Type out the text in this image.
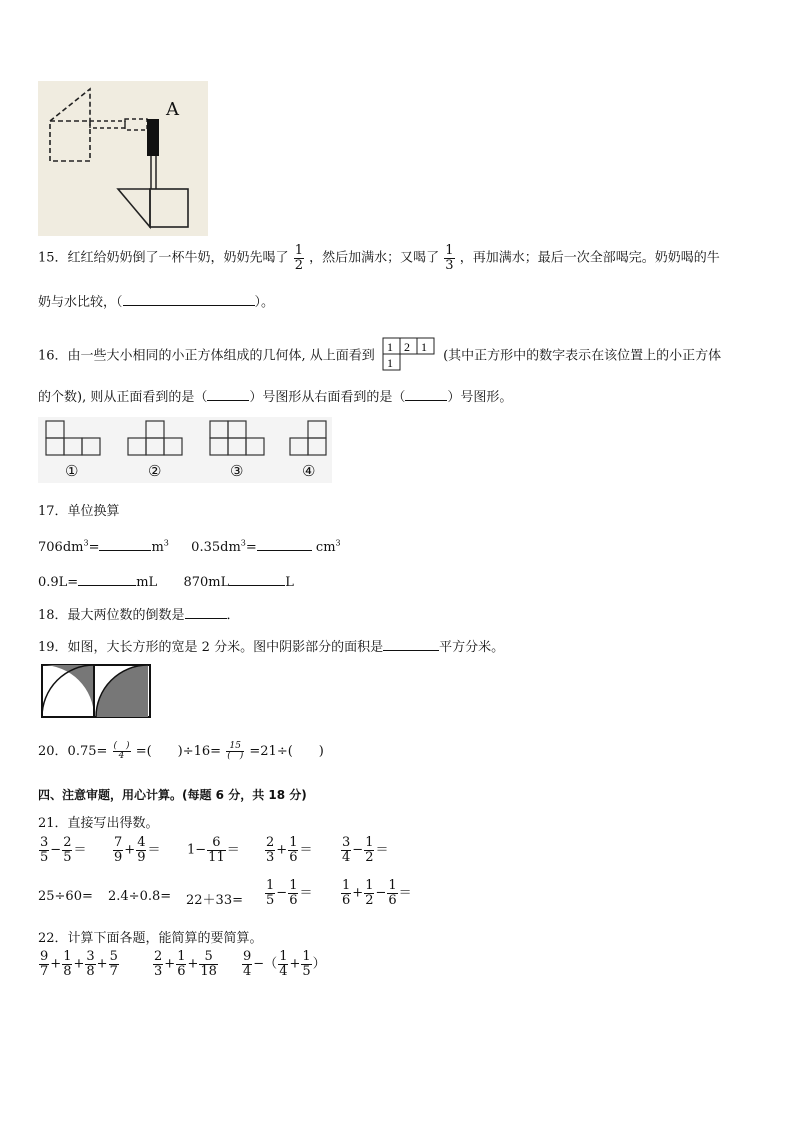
A
15．红红给奶奶倒了一杯牛奶，奶奶先喝了 $\frac{1}{2}$ ，然后加满水；又喝了 $\frac{1}{3}$ ，再加满水；最后一次全部喝完。奶奶喝的牛
奶与水比较，（	）。
16．由一些大小相同的小正方体组成的几何体, 从上面看到
1 2 1
1	(其中正方形中的数字表示在该位置上的小正方体
的个数), 则从正面看到的是（	）号图形从右面看到的是（	）号图形。
①	②	③	④
17．单位换算
$706dm^3=$	$m^3$ $0.35dm^3=$	$cm^3$
0.9L=	mL 870mL	L
18．最大两位数的倒数是	．
19．如图，大长方形的宽是 2 分米。图中阴影部分的面积是	平方分米。
20．$0.75= \frac{( )}{4}$ =(　　)$\div 16= \frac{15}{( )} =21\div$(　　)
四、注意审题，用心计算。(每题 6 分，共 18 分)
21．直接写出得数。
$\frac{3}{5} - \frac{2}{5} = \frac{7}{9} + \frac{4}{9} = 1- \frac{6}{11} = \frac{2}{3} + \frac{1}{6} = \frac{3}{4} - \frac{1}{2}$ ＝
$25\div 60= 2.4\div 0.8= 22+33= \frac{1}{5} - \frac{1}{6} = \frac{1}{6} + \frac{1}{2} - \frac{1}{6}$ ＝
22．计算下面各题，能简算的要简算。
$\frac{9}{7} + \frac{1}{8} + \frac{3}{8} + \frac{5}{7}$	$\frac{2}{3} + \frac{1}{6} + \frac{5}{18} \frac{9}{4}$ −（ $\frac{1}{4} + \frac{1}{5}$ ）
